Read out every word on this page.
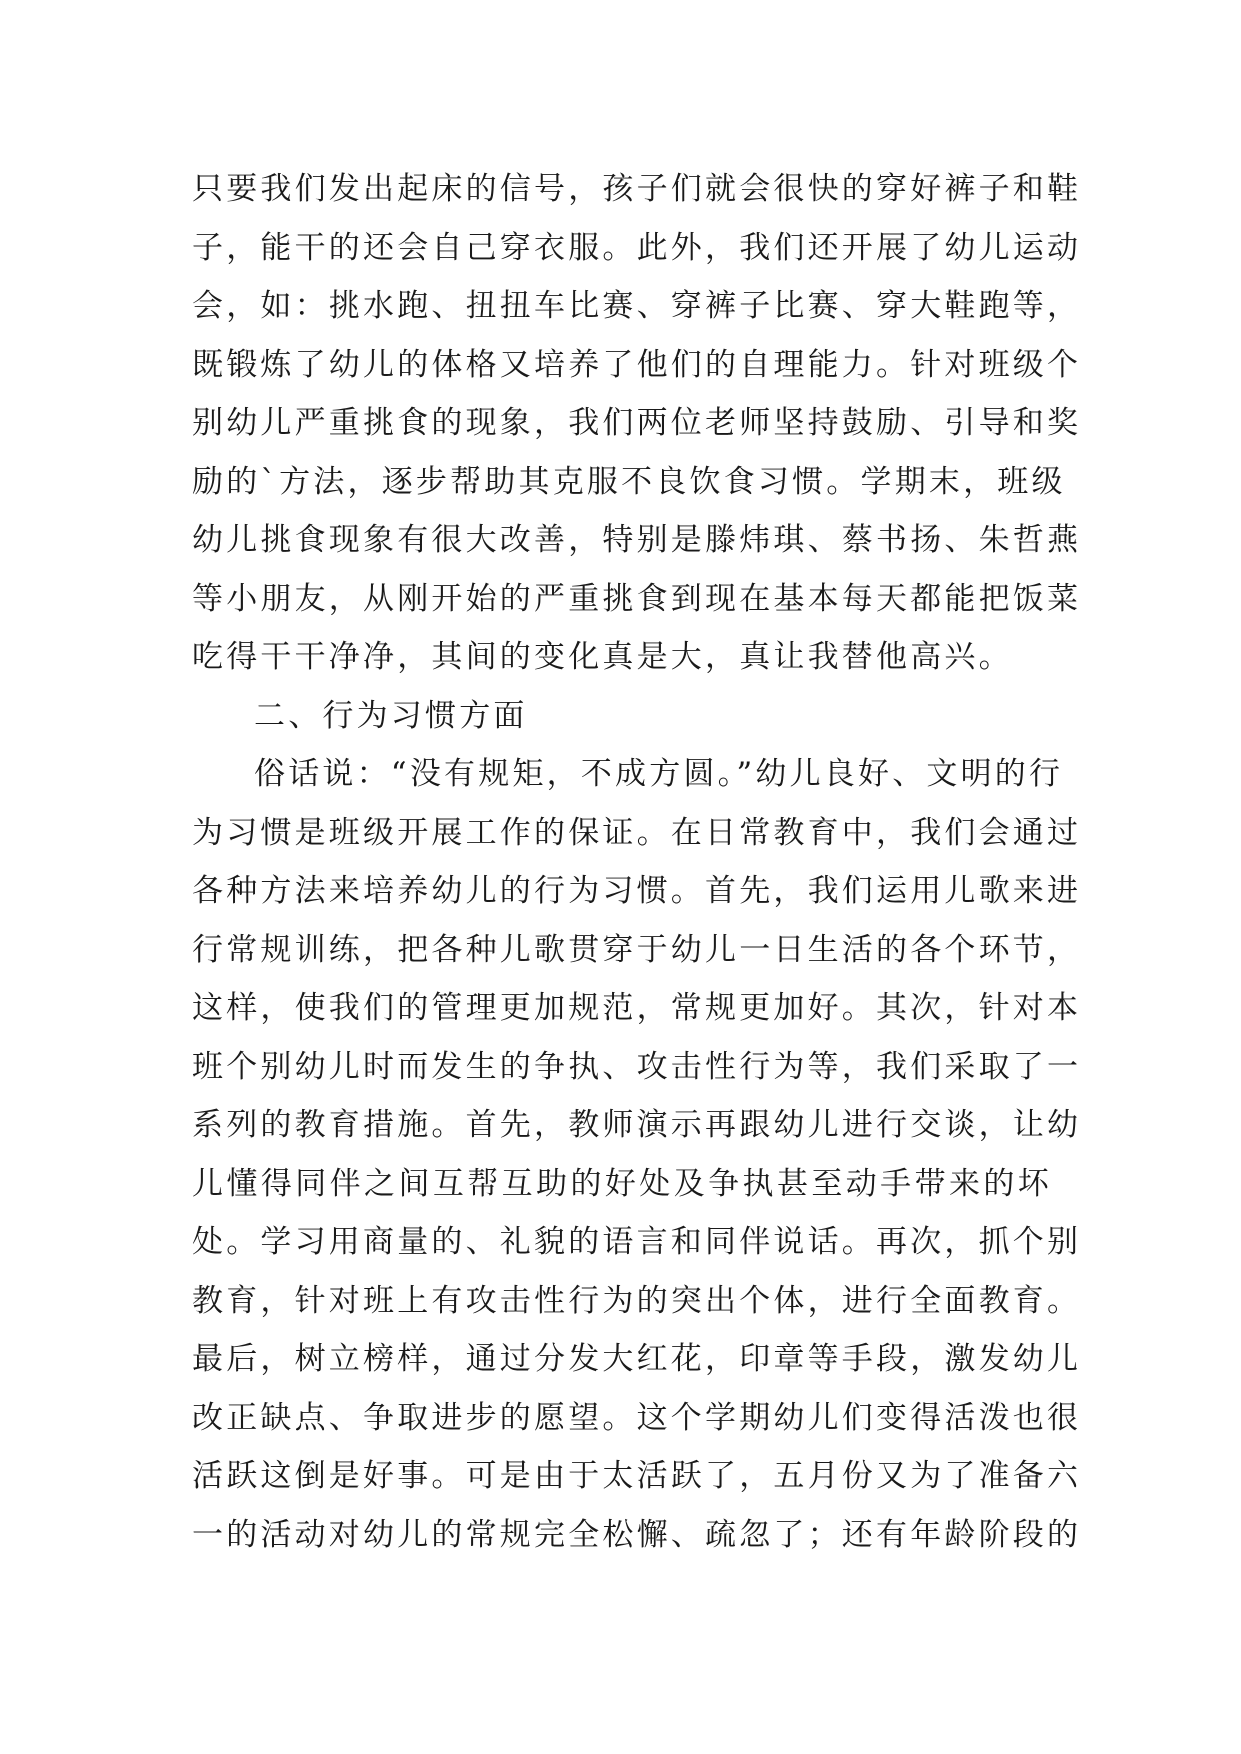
只要我们发出起床的信号，孩子们就会很快的穿好裤子和鞋
子，能干的还会自己穿衣服。此外，我们还开展了幼儿运动
会，如：挑水跑、扭扭车比赛、穿裤子比赛、穿大鞋跑等，
既锻炼了幼儿的体格又培养了他们的自理能力。针对班级个
别幼儿严重挑食的现象，我们两位老师坚持鼓励、引导和奖
励的`方法，逐步帮助其克服不良饮食习惯。学期末，班级
幼儿挑食现象有很大改善，特别是滕炜琪、蔡书扬、朱哲燕
等小朋友，从刚开始的严重挑食到现在基本每天都能把饭菜
吃得干干净净，其间的变化真是大，真让我替他高兴。
二、行为习惯方面
俗话说：“没有规矩，不成方圆。”幼儿良好、文明的行
为习惯是班级开展工作的保证。在日常教育中，我们会通过
各种方法来培养幼儿的行为习惯。首先，我们运用儿歌来进
行常规训练，把各种儿歌贯穿于幼儿一日生活的各个环节，
这样，使我们的管理更加规范，常规更加好。其次，针对本
班个别幼儿时而发生的争执、攻击性行为等，我们采取了一
系列的教育措施。首先，教师演示再跟幼儿进行交谈，让幼
儿懂得同伴之间互帮互助的好处及争执甚至动手带来的坏
处。学习用商量的、礼貌的语言和同伴说话。再次，抓个别
教育，针对班上有攻击性行为的突出个体，进行全面教育。
最后，树立榜样，通过分发大红花，印章等手段，激发幼儿
改正缺点、争取进步的愿望。这个学期幼儿们变得活泼也很
活跃这倒是好事。可是由于太活跃了，五月份又为了准备六
一的活动对幼儿的常规完全松懈、疏忽了；还有年龄阶段的
